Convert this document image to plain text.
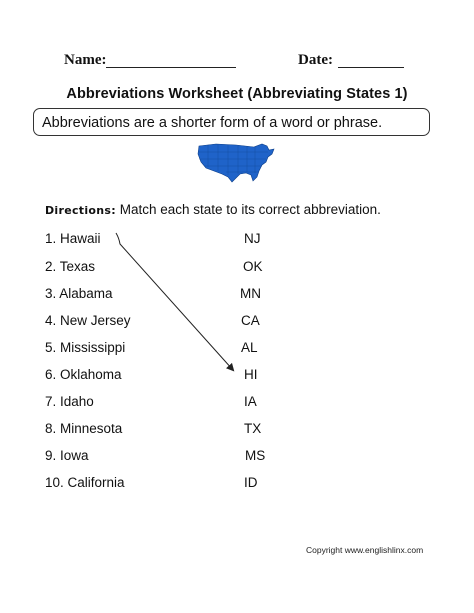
Name:	Date:
Abbreviations Worksheet (Abbreviating States 1)
Abbreviations are a shorter form of a word or phrase.
Directions: Match each state to its correct abbreviation.
1. Hawaii
2. Texas
3. Alabama
4. New Jersey
5. Mississippi
6. Oklahoma
7. Idaho
8. Minnesota
9. Iowa
10. California
NJ
OK
MN
CA
AL
HI
IA
TX
MS
ID
Copyright www.englishlinx.com
